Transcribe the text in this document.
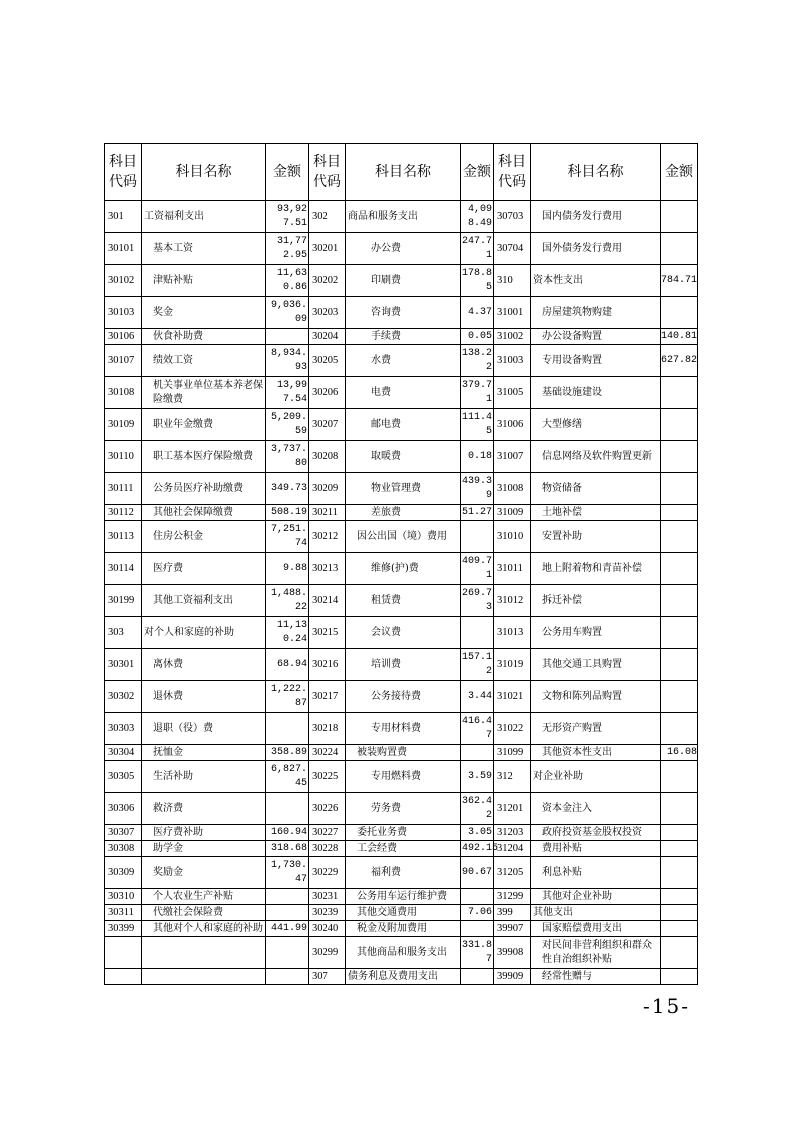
科目代码	科目名称	金额	科目代码	科目名称	金额	科目代码	科目名称	金额
301	工资福利支出	93,927.51	302	商品和服务支出	4,098.49	30703	国内债务发行费用	
30101	基本工资	31,772.95	30201	办公费	247.71	30704	国外债务发行费用	
30102	津贴补贴	11,630.86	30202	印刷费	178.85	310	资本性支出	784.71
30103	奖金	9,036.09	30203	咨询费	4.37	31001	房屋建筑物购建	
30106	伙食补助费		30204	手续费	0.05	31002	办公设备购置	140.81
30107	绩效工资	8,934.93	30205	水费	138.22	31003	专用设备购置	627.82
30108	机关事业单位基本养老保险缴费	13,997.54	30206	电费	379.71	31005	基础设施建设	
30109	职业年金缴费	5,209.59	30207	邮电费	111.45	31006	大型修缮	
30110	职工基本医疗保险缴费	3,737.80	30208	取暖费	0.18	31007	信息网络及软件购置更新	
30111	公务员医疗补助缴费	349.73	30209	物业管理费	439.39	31008	物资储备	
30112	其他社会保障缴费	508.19	30211	差旅费	51.27	31009	土地补偿	
30113	住房公积金	7,251.74	30212	因公出国（境）费用		31010	安置补助	
30114	医疗费	9.88	30213	维修(护)费	409.71	31011	地上附着物和青苗补偿	
30199	其他工资福利支出	1,488.22	30214	租赁费	269.73	31012	拆迁补偿	
303	对个人和家庭的补助	11,130.24	30215	会议费		31013	公务用车购置	
30301	离休费	68.94	30216	培训费	157.12	31019	其他交通工具购置	
30302	退休费	1,222.87	30217	公务接待费	3.44	31021	文物和陈列品购置	
30303	退职（役）费		30218	专用材料费	416.47	31022	无形资产购置	
30304	抚恤金	358.89	30224	被装购置费		31099	其他资本性支出	16.08
30305	生活补助	6,827.45	30225	专用燃料费	3.59	312	对企业补助	
30306	救济费		30226	劳务费	362.42	31201	资本金注入	
30307	医疗费补助	160.94	30227	委托业务费	3.05	31203	政府投资基金股权投资	
30308	助学金	318.68	30228	工会经费	492.15	31204	费用补贴	
30309	奖励金	1,730.47	30229	福利费	90.67	31205	利息补贴	
30310	个人农业生产补贴		30231	公务用车运行维护费		31299	其他对企业补助	
30311	代缴社会保险费		30239	其他交通费用	7.06	399	其他支出	
30399	其他对个人和家庭的补助	441.99	30240	税金及附加费用		39907	国家赔偿费用支出	
			30299	其他商品和服务支出	331.87	39908	对民间非营利组织和群众性自治组织补贴	
			307	债务利息及费用支出		39909	经常性赠与	
-15-
